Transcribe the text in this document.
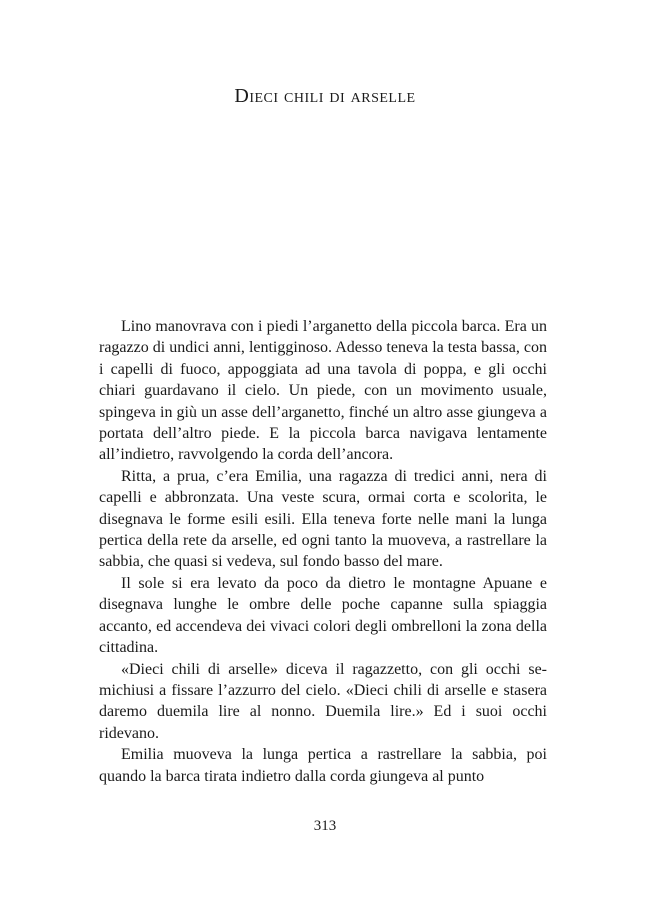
Dieci chili di arselle

Lino manovrava con i piedi l’arganetto della piccola barca. Era un ragazzo di undici anni, lentigginoso. Adesso teneva la testa bassa, con i capelli di fuoco, appoggiata ad una tavola di poppa, e gli occhi chiari guardavano il cielo. Un piede, con un movimento usuale, spingeva in giù un asse dell’arganetto, finché un altro asse giungeva a portata dell’altro piede. E la piccola barca navigava lentamente all’indietro, ravvolgendo la corda dell’ancora.

Ritta, a prua, c’era Emilia, una ragazza di tredici anni, nera di capelli e abbronzata. Una veste scura, ormai corta e scolorita, le disegnava le forme esili esili. Ella teneva forte nelle mani la lunga pertica della rete da arselle, ed ogni tanto la muoveva, a rastrellare la sabbia, che quasi si vedeva, sul fondo basso del mare.

Il sole si era levato da poco da dietro le montagne Apuane e disegnava lunghe le ombre delle poche capanne sulla spiaggia accanto, ed accendeva dei vivaci colori degli ombrelloni la zona della cittadina.

«Dieci chili di arselle» diceva il ragazzetto, con gli occhi semichiusi a fissare l’azzurro del cielo. «Dieci chili di arselle e stasera daremo duemila lire al nonno. Duemila lire.» Ed i suoi occhi ridevano.

Emilia muoveva la lunga pertica a rastrellare la sabbia, poi quando la barca tirata indietro dalla corda giungeva al punto

313
